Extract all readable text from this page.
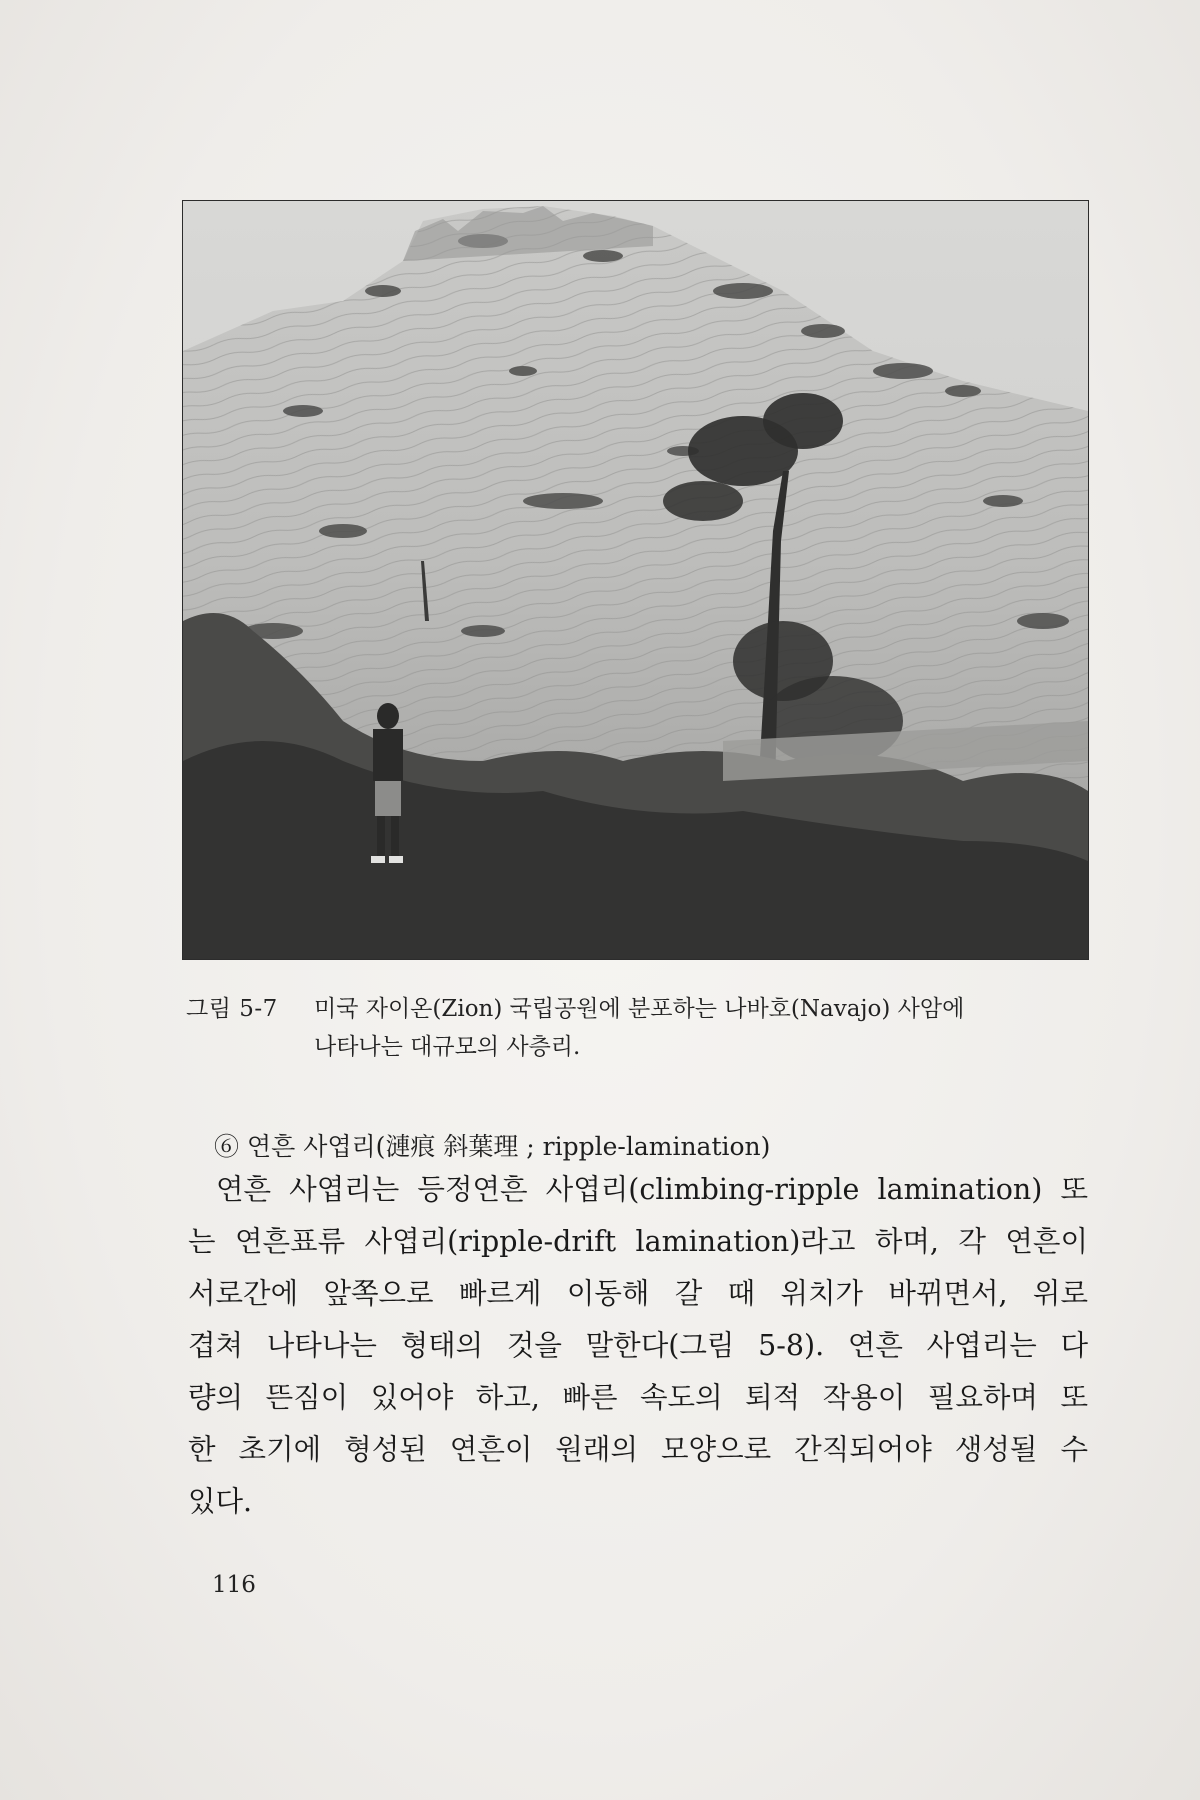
그림 5-7 미국 자이온(Zion) 국립공원에 분포하는 나바호(Navajo) 사암에
나타나는 대규모의 사층리.
⑥ 연흔 사엽리(漣痕 斜葉理 ; ripple-lamination)
연흔 사엽리는 등정연흔 사엽리(climbing-ripple lamination) 또
는 연흔표류 사엽리(ripple-drift lamination)라고 하며, 각 연흔이
서로간에 앞쪽으로 빠르게 이동해 갈 때 위치가 바뀌면서, 위로
겹쳐 나타나는 형태의 것을 말한다(그림 5-8). 연흔 사엽리는 다
량의 뜬짐이 있어야 하고, 빠른 속도의 퇴적 작용이 필요하며 또
한 초기에 형성된 연흔이 원래의 모양으로 간직되어야 생성될 수
있다.
116
